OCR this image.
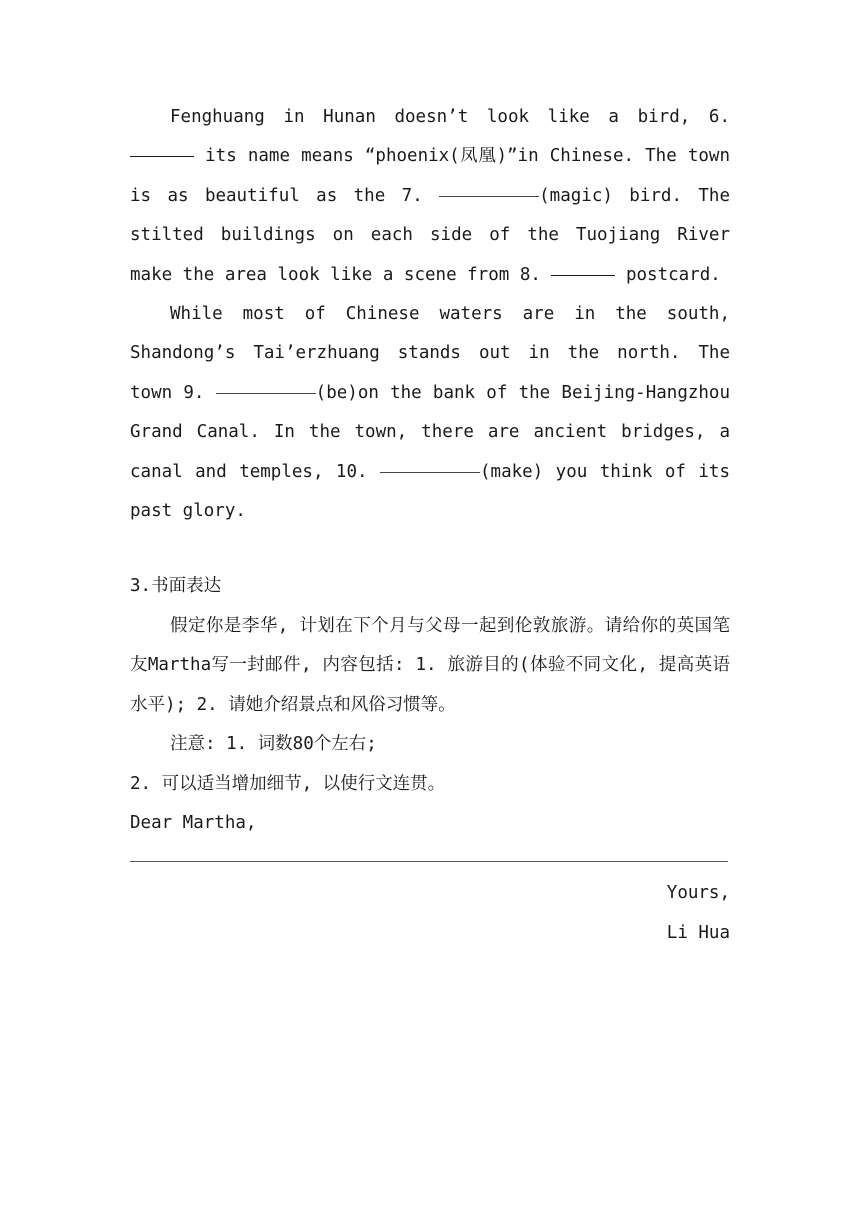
Fenghuang in Hunan doesn’t look like a bird, 6.  its name means “phoenix(凤凰)”in Chinese. The town is as beautiful as the 7.	(magic) bird. The stilted buildings on each side of the Tuojiang River make the area look like a scene from 8.	postcard.

While most of Chinese waters are in the south, Shandong’s Tai’erzhuang stands out in the north. The town 9.	(be)on the bank of the Beijing-Hangzhou Grand Canal. In the town, there are ancient bridges, a canal and temples, 10.	(make) you think of its past glory.

3.书面表达

假定你是李华, 计划在下个月与父母一起到伦敦旅游。请给你的英国笔友Martha写一封邮件, 内容包括: 1. 旅游目的(体验不同文化, 提高英语水平); 2. 请她介绍景点和风俗习惯等。

注意: 1. 词数80个左右;

2. 可以适当增加细节, 以使行文连贯。

Dear Martha,

Yours,

Li Hua
